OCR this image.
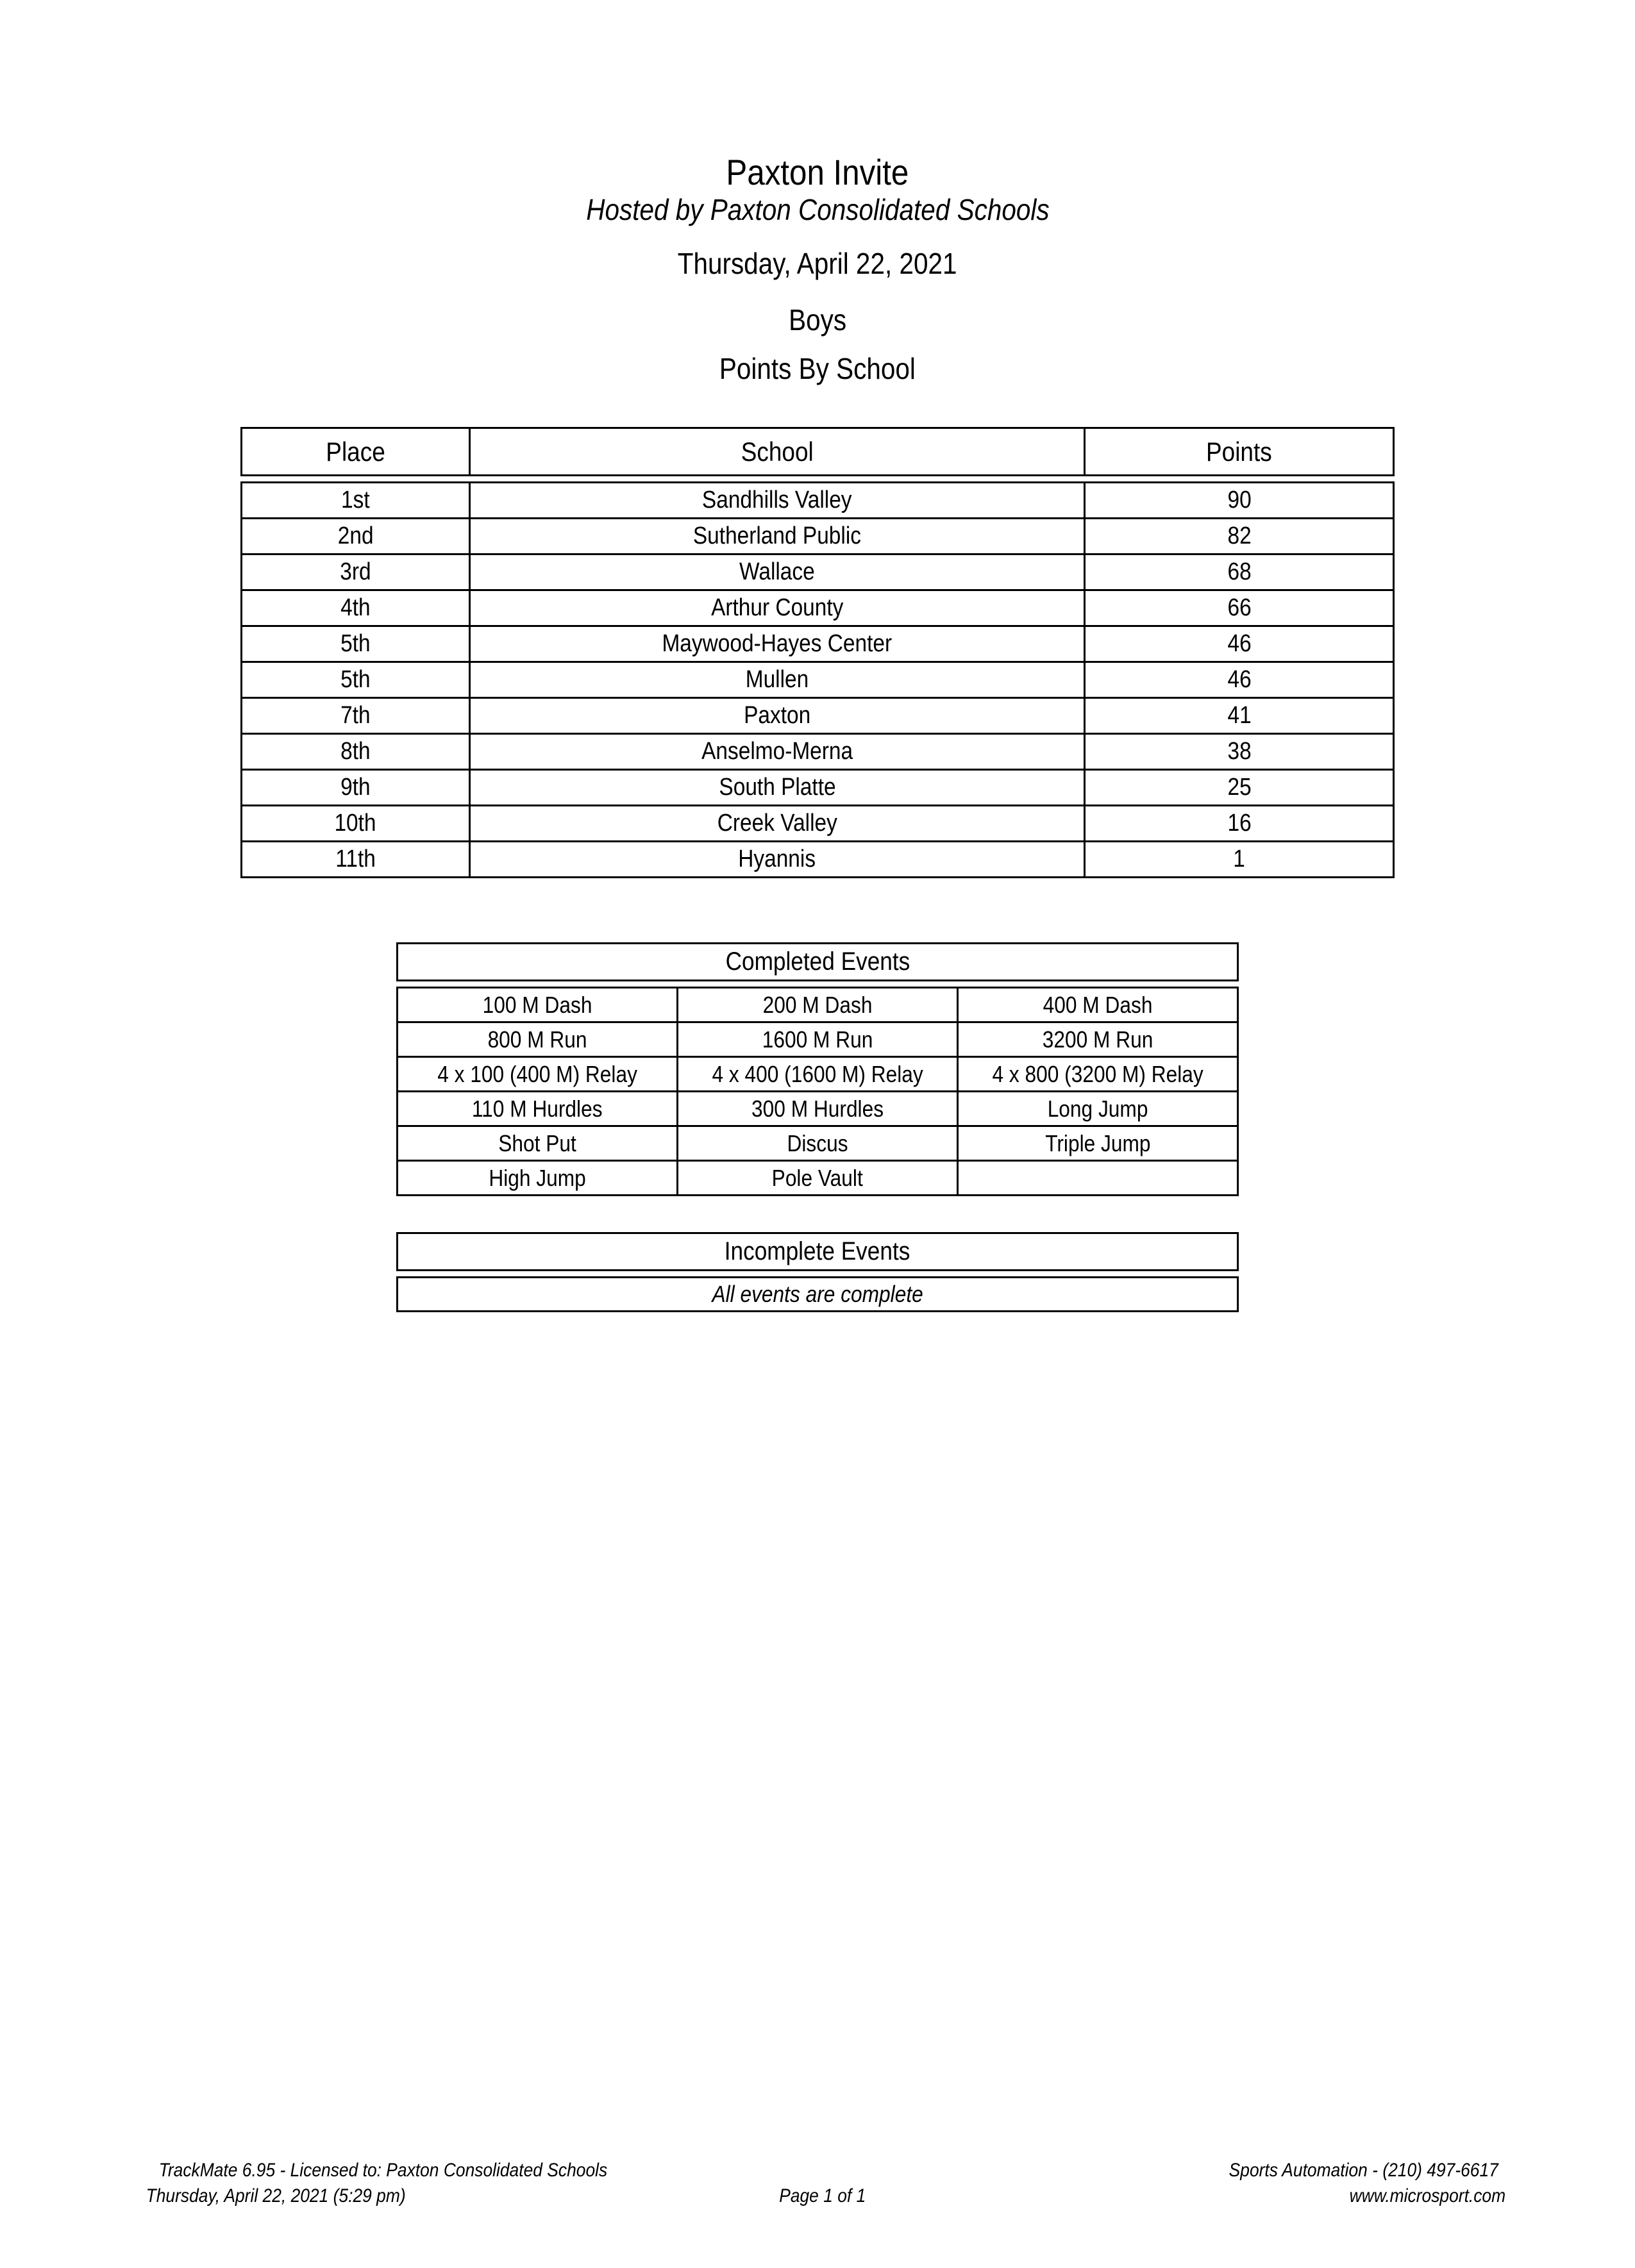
Paxton Invite
Hosted by Paxton Consolidated Schools
Thursday, April 22, 2021
Boys
Points By School
Place	School	Points
1st	Sandhills Valley	90
2nd	Sutherland Public	82
3rd	Wallace	68
4th	Arthur County	66
5th	Maywood-Hayes Center	46
5th	Mullen	46
7th	Paxton	41
8th	Anselmo-Merna	38
9th	South Platte	25
10th	Creek Valley	16
11th	Hyannis	1
Completed Events
100 M Dash	200 M Dash	400 M Dash
800 M Run	1600 M Run	3200 M Run
4 x 100 (400 M) Relay	4 x 400 (1600 M) Relay	4 x 800 (3200 M) Relay
110 M Hurdles	300 M Hurdles	Long Jump
Shot Put	Discus	Triple Jump
High Jump	Pole Vault	
Incomplete Events
All events are complete
TrackMate 6.95 - Licensed to: Paxton Consolidated Schools
Thursday, April 22, 2021 (5:29 pm)	Page 1 of 1
Sports Automation - (210) 497-6617
www.microsport.com
